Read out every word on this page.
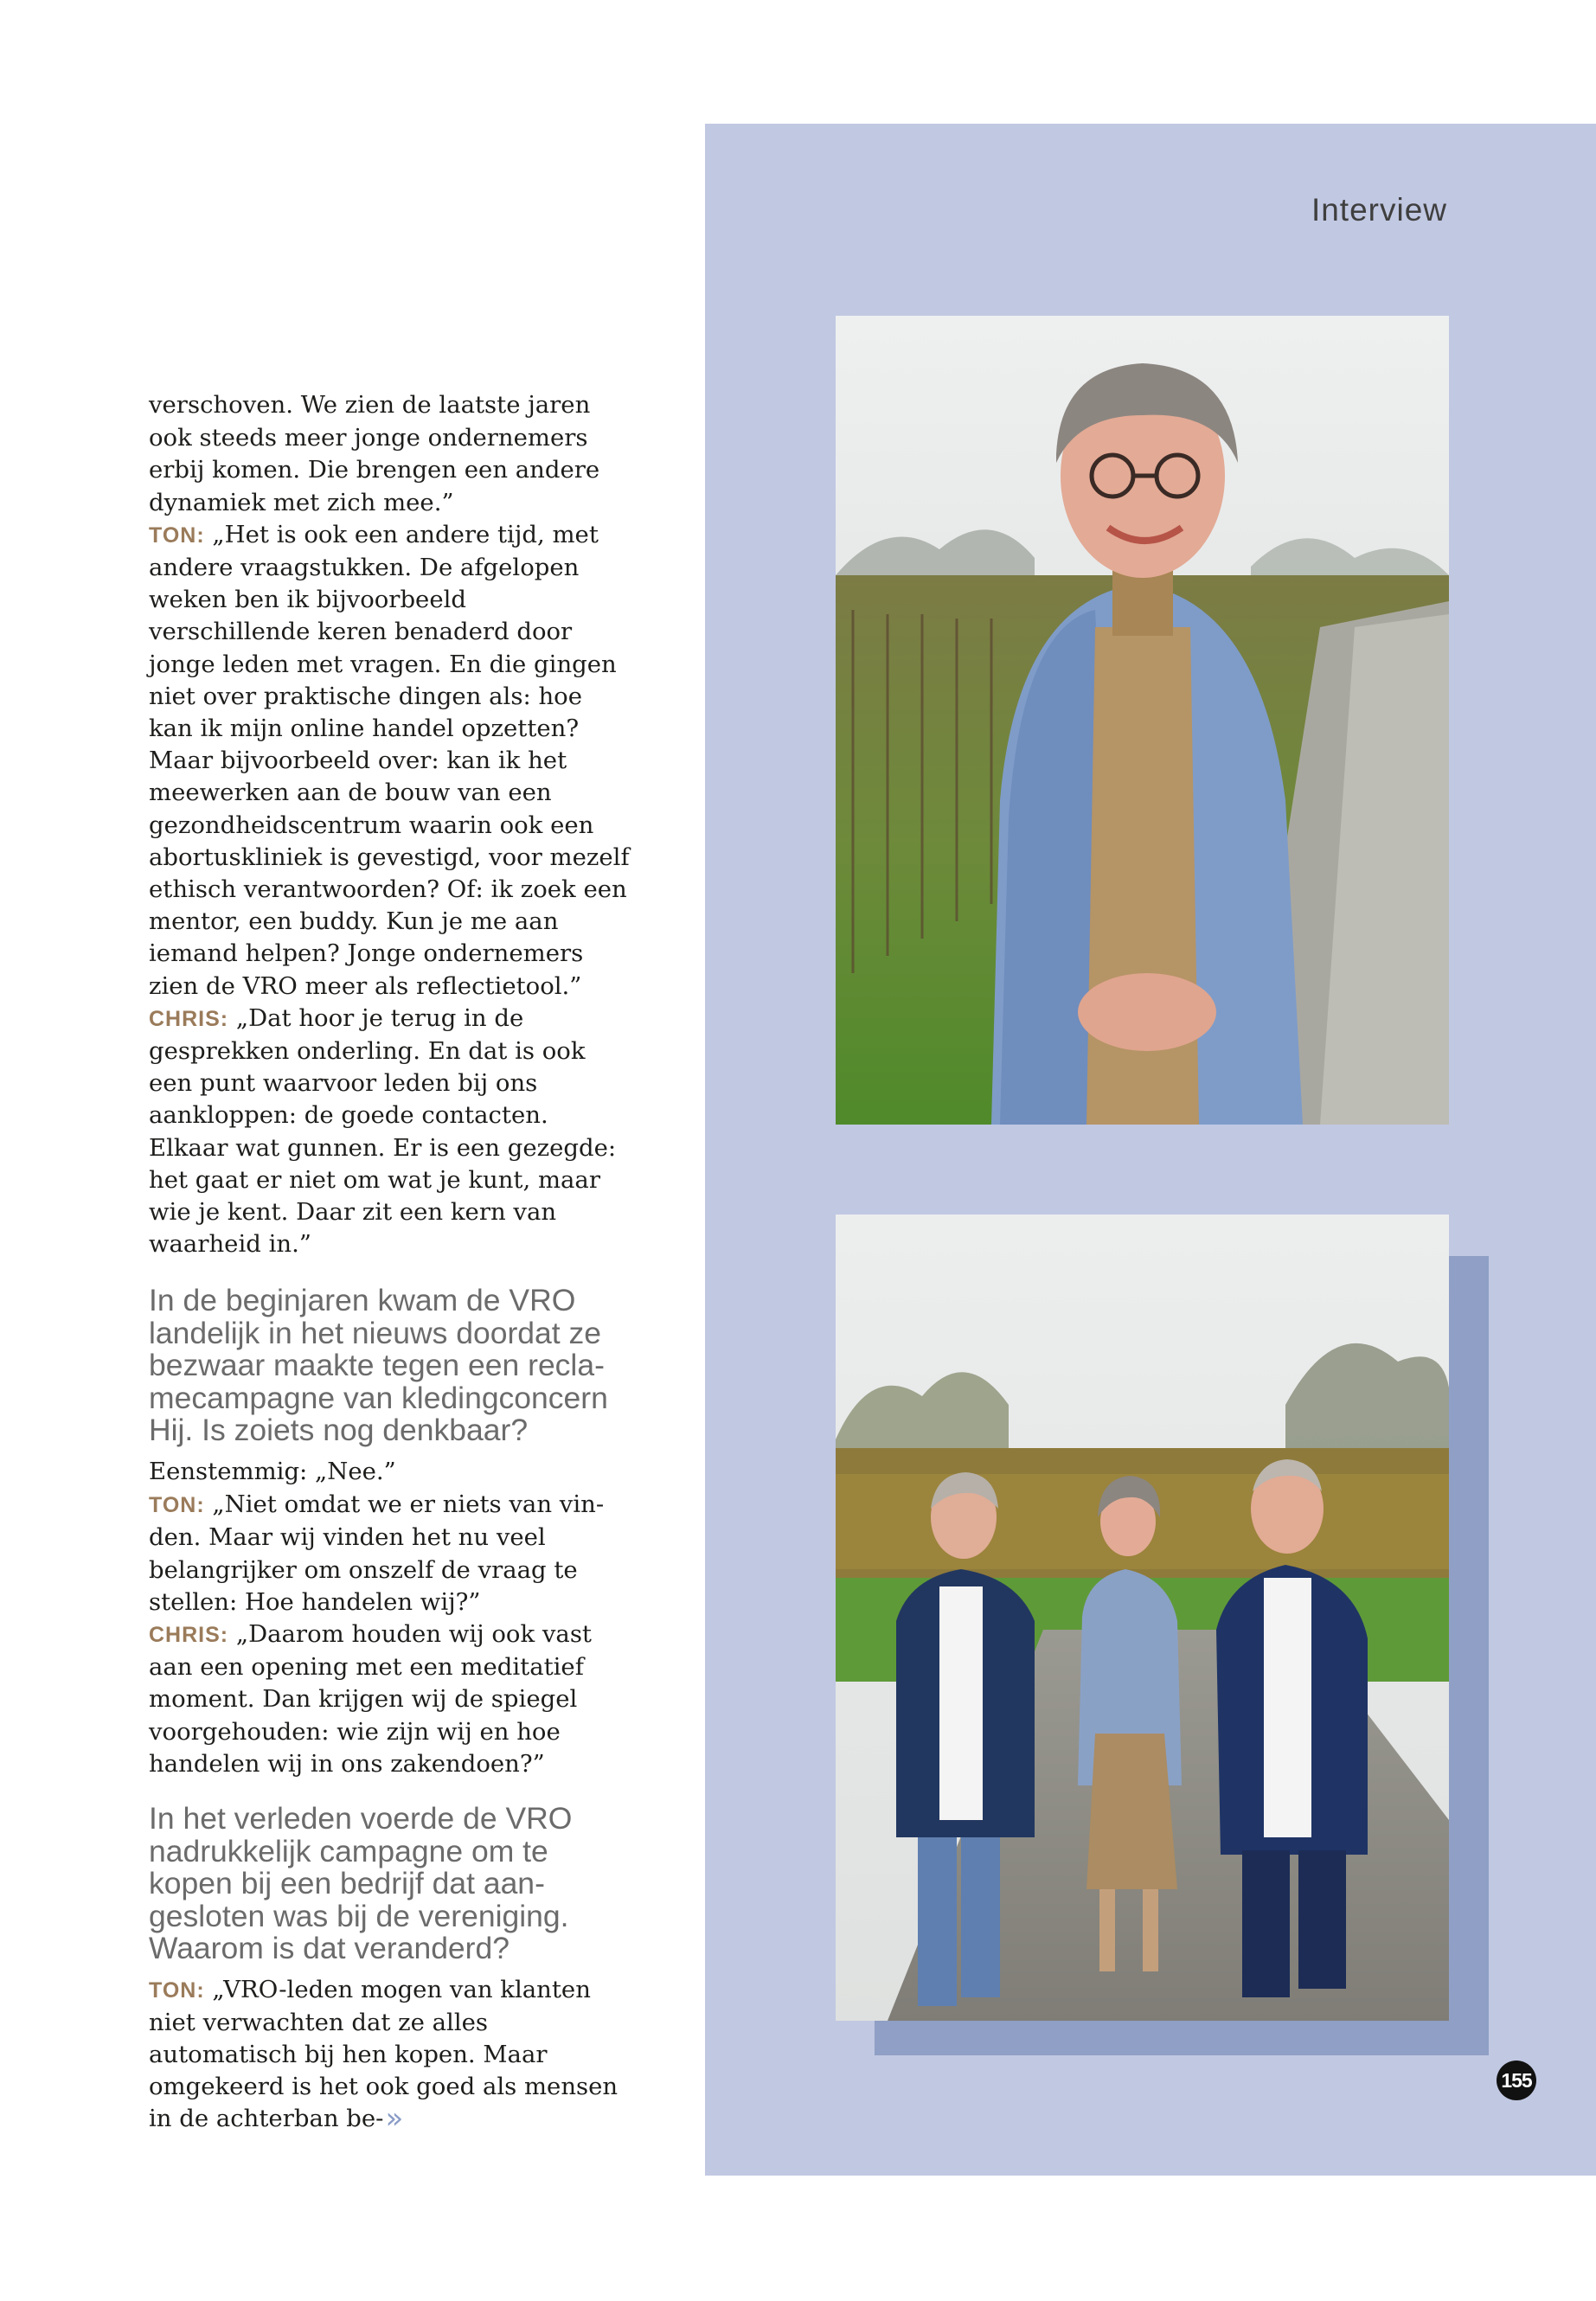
Interview

verschoven. We zien de laatste jaren ook steeds meer jonge ondernemers erbij komen. Die brengen een andere dynamiek met zich mee.”

TON: „Het is ook een andere tijd, met andere vraagstukken. De afgelopen weken ben ik bijvoorbeeld verschillende keren benaderd door jonge leden met vragen. En die gingen niet over praktische dingen als: hoe kan ik mijn online handel opzetten? Maar bijvoorbeeld over: kan ik het meewerken aan de bouw van een gezondheidscentrum waarin ook een abortuskliniek is gevestigd, voor mezelf ethisch verantwoorden? Of: ik zoek een mentor, een buddy. Kun je me aan iemand helpen? Jonge ondernemers zien de VRO meer als reflectietool.”

CHRIS: „Dat hoor je terug in de gesprekken onderling. En dat is ook een punt waarvoor leden bij ons aankloppen: de goede contacten. Elkaar wat gunnen. Er is een gezegde: het gaat er niet om wat je kunt, maar wie je kent. Daar zit een kern van waarheid in.”

In de beginjaren kwam de VRO landelijk in het nieuws doordat ze bezwaar maakte tegen een reclamecampagne van kledingconcern Hij. Is zoiets nog denkbaar?

Eenstemmig: „Nee.”

TON: „Niet omdat we er niets van vinden. Maar wij vinden het nu veel belangrijker om onszelf de vraag te stellen: Hoe handelen wij?”

CHRIS: „Daarom houden wij ook vast aan een opening met een meditatief moment. Dan krijgen wij de spiegel voorgehouden: wie zijn wij en hoe handelen wij in ons zakendoen?”

In het verleden voerde de VRO nadrukkelijk campagne om te kopen bij een bedrijf dat aangesloten was bij de vereniging. Waarom is dat veranderd?

TON: „VRO-leden mogen van klanten niet verwachten dat ze alles automatisch bij hen kopen. Maar omgekeerd is het ook goed als mensen in de achterban be-»

155
